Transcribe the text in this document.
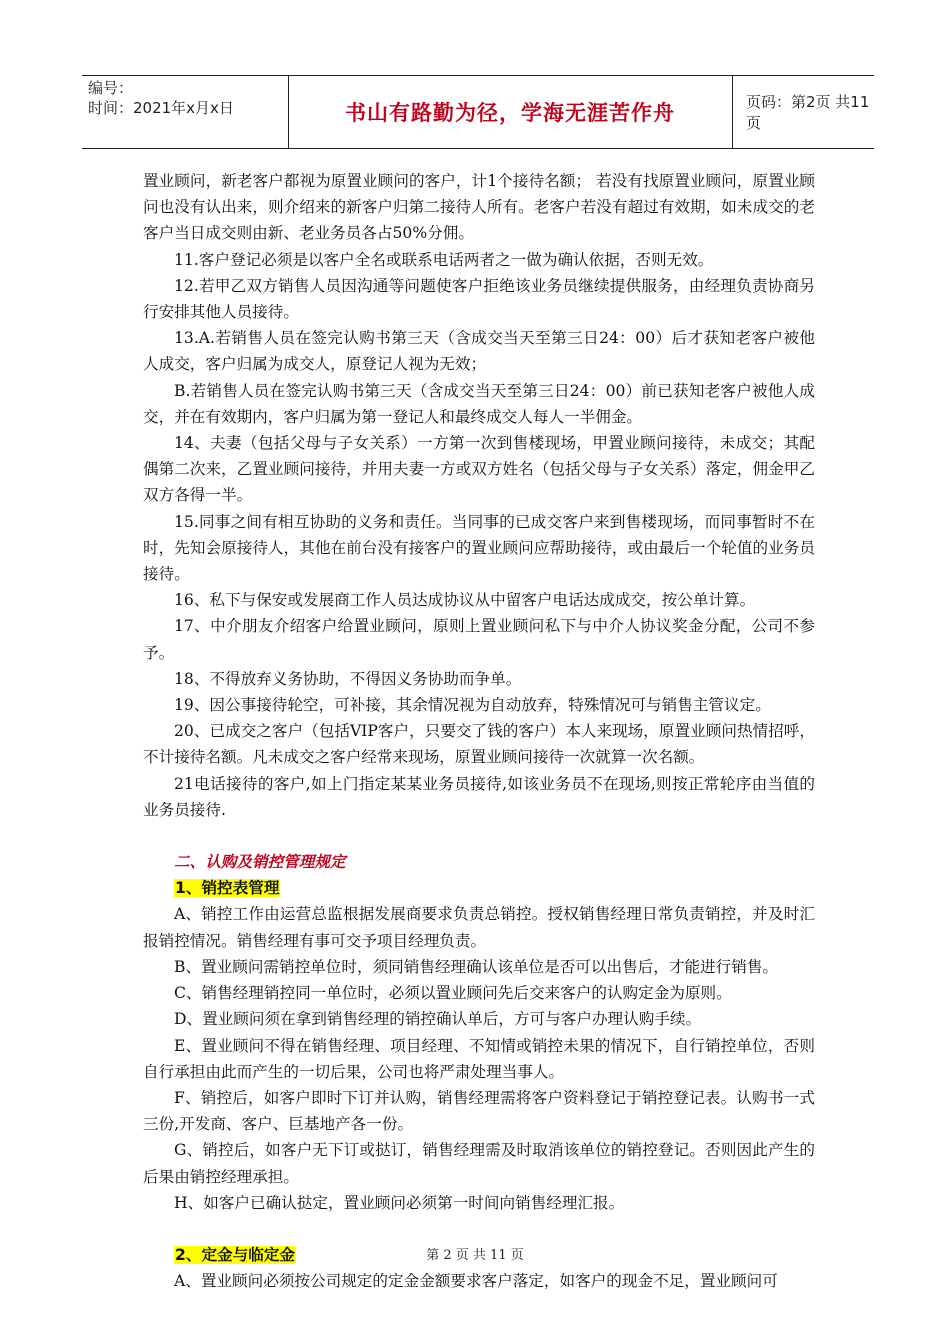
编号：
时间：2021年x月x日	书山有路勤为径，学海无涯苦作舟	页码：第2页 共11页

置业顾问，新老客户都视为原置业顾问的客户，计1个接待名额； 若没有找原置业顾问，原置业顾问也没有认出来，则介绍来的新客户归第二接待人所有。老客户若没有超过有效期，如未成交的老客户当日成交则由新、老业务员各占50%分佣。

11.客户登记必须是以客户全名或联系电话两者之一做为确认依据，否则无效。

12.若甲乙双方销售人员因沟通等问题使客户拒绝该业务员继续提供服务，由经理负责协商另行安排其他人员接待。

13.A.若销售人员在签完认购书第三天（含成交当天至第三日24：00）后才获知老客户被他人成交，客户归属为成交人，原登记人视为无效；

B.若销售人员在签完认购书第三天（含成交当天至第三日24：00）前已获知老客户被他人成交，并在有效期内，客户归属为第一登记人和最终成交人每人一半佣金。

14、夫妻（包括父母与子女关系）一方第一次到售楼现场，甲置业顾问接待，未成交；其配偶第二次来，乙置业顾问接待，并用夫妻一方或双方姓名（包括父母与子女关系）落定，佣金甲乙双方各得一半。

15.同事之间有相互协助的义务和责任。当同事的已成交客户来到售楼现场，而同事暂时不在时，先知会原接待人，其他在前台没有接客户的置业顾问应帮助接待，或由最后一个轮值的业务员接待。

16、私下与保安或发展商工作人员达成协议从中留客户电话达成成交，按公单计算。

17、中介朋友介绍客户给置业顾问，原则上置业顾问私下与中介人协议奖金分配，公司不参予。

18、不得放弃义务协助，不得因义务协助而争单。

19、因公事接待轮空，可补接，其余情况视为自动放弃，特殊情况可与销售主管议定。

20、已成交之客户（包括VIP客户，只要交了钱的客户）本人来现场，原置业顾问热情招呼，不计接待名额。凡未成交之客户经常来现场，原置业顾问接待一次就算一次名额。

21电话接待的客户,如上门指定某某业务员接待,如该业务员不在现场,则按正常轮序由当值的业务员接待.

二、认购及销控管理规定

1、销控表管理

A、销控工作由运营总监根据发展商要求负责总销控。授权销售经理日常负责销控，并及时汇报销控情况。销售经理有事可交予项目经理负责。

B、置业顾问需销控单位时，须同销售经理确认该单位是否可以出售后，才能进行销售。

C、销售经理销控同一单位时，必须以置业顾问先后交来客户的认购定金为原则。

D、置业顾问须在拿到销售经理的销控确认单后，方可与客户办理认购手续。

E、置业顾问不得在销售经理、项目经理、不知情或销控未果的情况下，自行销控单位，否则自行承担由此而产生的一切后果，公司也将严肃处理当事人。

F、销控后，如客户即时下订并认购，销售经理需将客户资料登记于销控登记表。认购书一式三份,开发商、客户、巨基地产各一份。

G、销控后，如客户无下订或挞订，销售经理需及时取消该单位的销控登记。否则因此产生的后果由销控经理承担。

H、如客户已确认挞定，置业顾问必须第一时间向销售经理汇报。

2、定金与临定金

A、置业顾问必须按公司规定的定金金额要求客户落定，如客户的现金不足，置业顾问可

第 2 页 共 11 页
